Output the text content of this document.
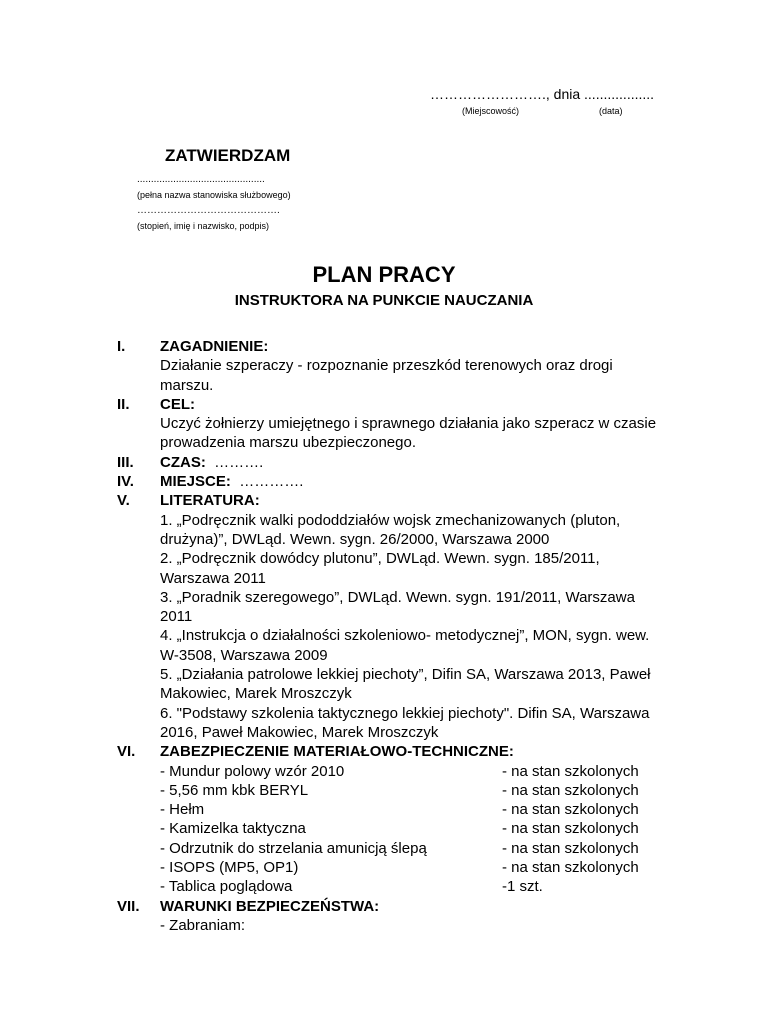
……………………., dnia ..................
(Miejscowość)	(data)
ZATWIERDZAM
..............................................
(pełna nazwa stanowiska służbowego)
…………………………………….
(stopień, imię i nazwisko, podpis)
PLAN PRACY
INSTRUKTORA NA PUNKCIE NAUCZANIA
I.	ZAGADNIENIE:
Działanie szperaczy - rozpoznanie przeszkód terenowych oraz drogi
marszu.
II.	CEL:
Uczyć żołnierzy umiejętnego i sprawnego działania jako szperacz w czasie
prowadzenia marszu ubezpieczonego.
III.	CZAS: ……….
IV.	MIEJSCE: ………….
V.	LITERATURA:
1. „Podręcznik walki pododdziałów wojsk zmechanizowanych (pluton,
drużyna)”, DWLąd. Wewn. sygn. 26/2000, Warszawa 2000
2. „Podręcznik dowódcy plutonu”, DWLąd. Wewn. sygn. 185/2011,
Warszawa 2011
3. „Poradnik szeregowego”, DWLąd. Wewn. sygn. 191/2011, Warszawa
2011
4. „Instrukcja o działalności szkoleniowo- metodycznej”, MON, sygn. wew.
W-3508, Warszawa 2009
5. „Działania patrolowe lekkiej piechoty”, Difin SA, Warszawa 2013, Paweł
Makowiec, Marek Mroszczyk
6. "Podstawy szkolenia taktycznego lekkiej piechoty". Difin SA, Warszawa
2016, Paweł Makowiec, Marek Mroszczyk
VI.	ZABEZPIECZENIE MATERIAŁOWO-TECHNICZNE:
- Mundur polowy wzór 2010	- na stan szkolonych
- 5,56 mm kbk BERYL	- na stan szkolonych
- Hełm	- na stan szkolonych
- Kamizelka taktyczna	- na stan szkolonych
- Odrzutnik do strzelania amunicją ślepą	- na stan szkolonych
- ISOPS (MP5, OP1)	- na stan szkolonych
- Tablica poglądowa	-1 szt.
VII.	WARUNKI BEZPIECZEŃSTWA:
- Zabraniam:
